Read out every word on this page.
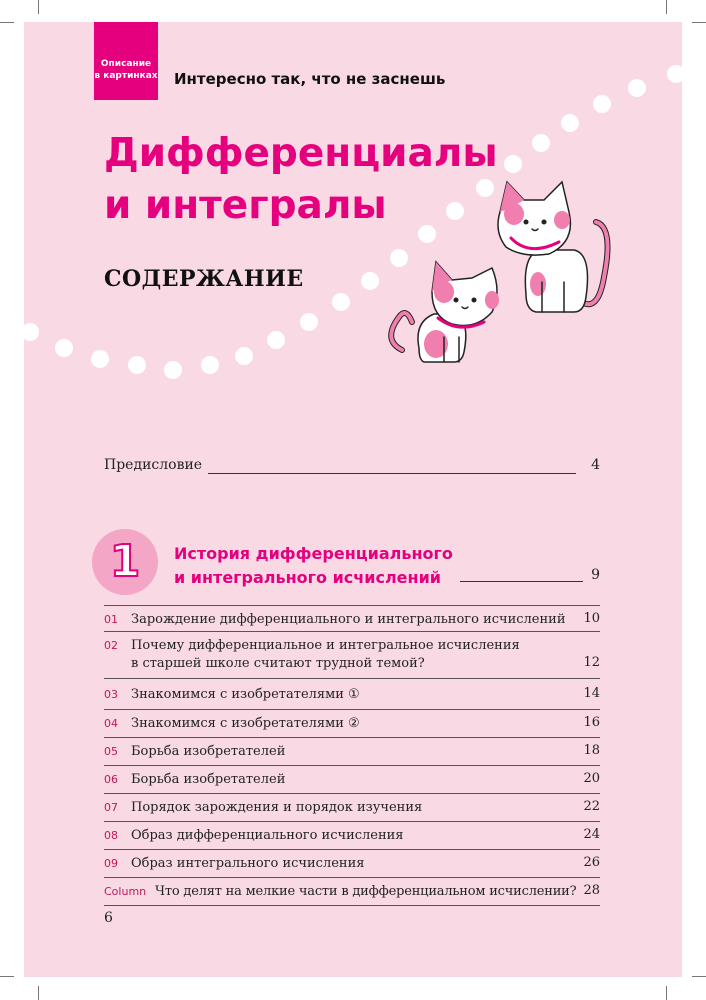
Описание
в картинках Интересно так, что не заснешь
Дифференциалы
и интегралы
СОДЕРЖАНИЕ
Предисловие	4
1	История дифференциального
и интегрального исчислений	9
01 Зарождение дифференциального и интегрального исчислений 10
02 Почему дифференциальное и интегральное исчисления
в старшей школе считают трудной темой?	12
03 Знакомимся с изобретателями ①	14
04 Знакомимся с изобретателями ②	16
05 Борьба изобретателей	18
06 Борьба изобретателей	20
07 Порядок зарождения и порядок изучения	22
08 Образ дифференциального исчисления	24
09 Образ интегрального исчисления	26
Column Что делят на мелкие части в дифференциальном исчислении? 28
6
